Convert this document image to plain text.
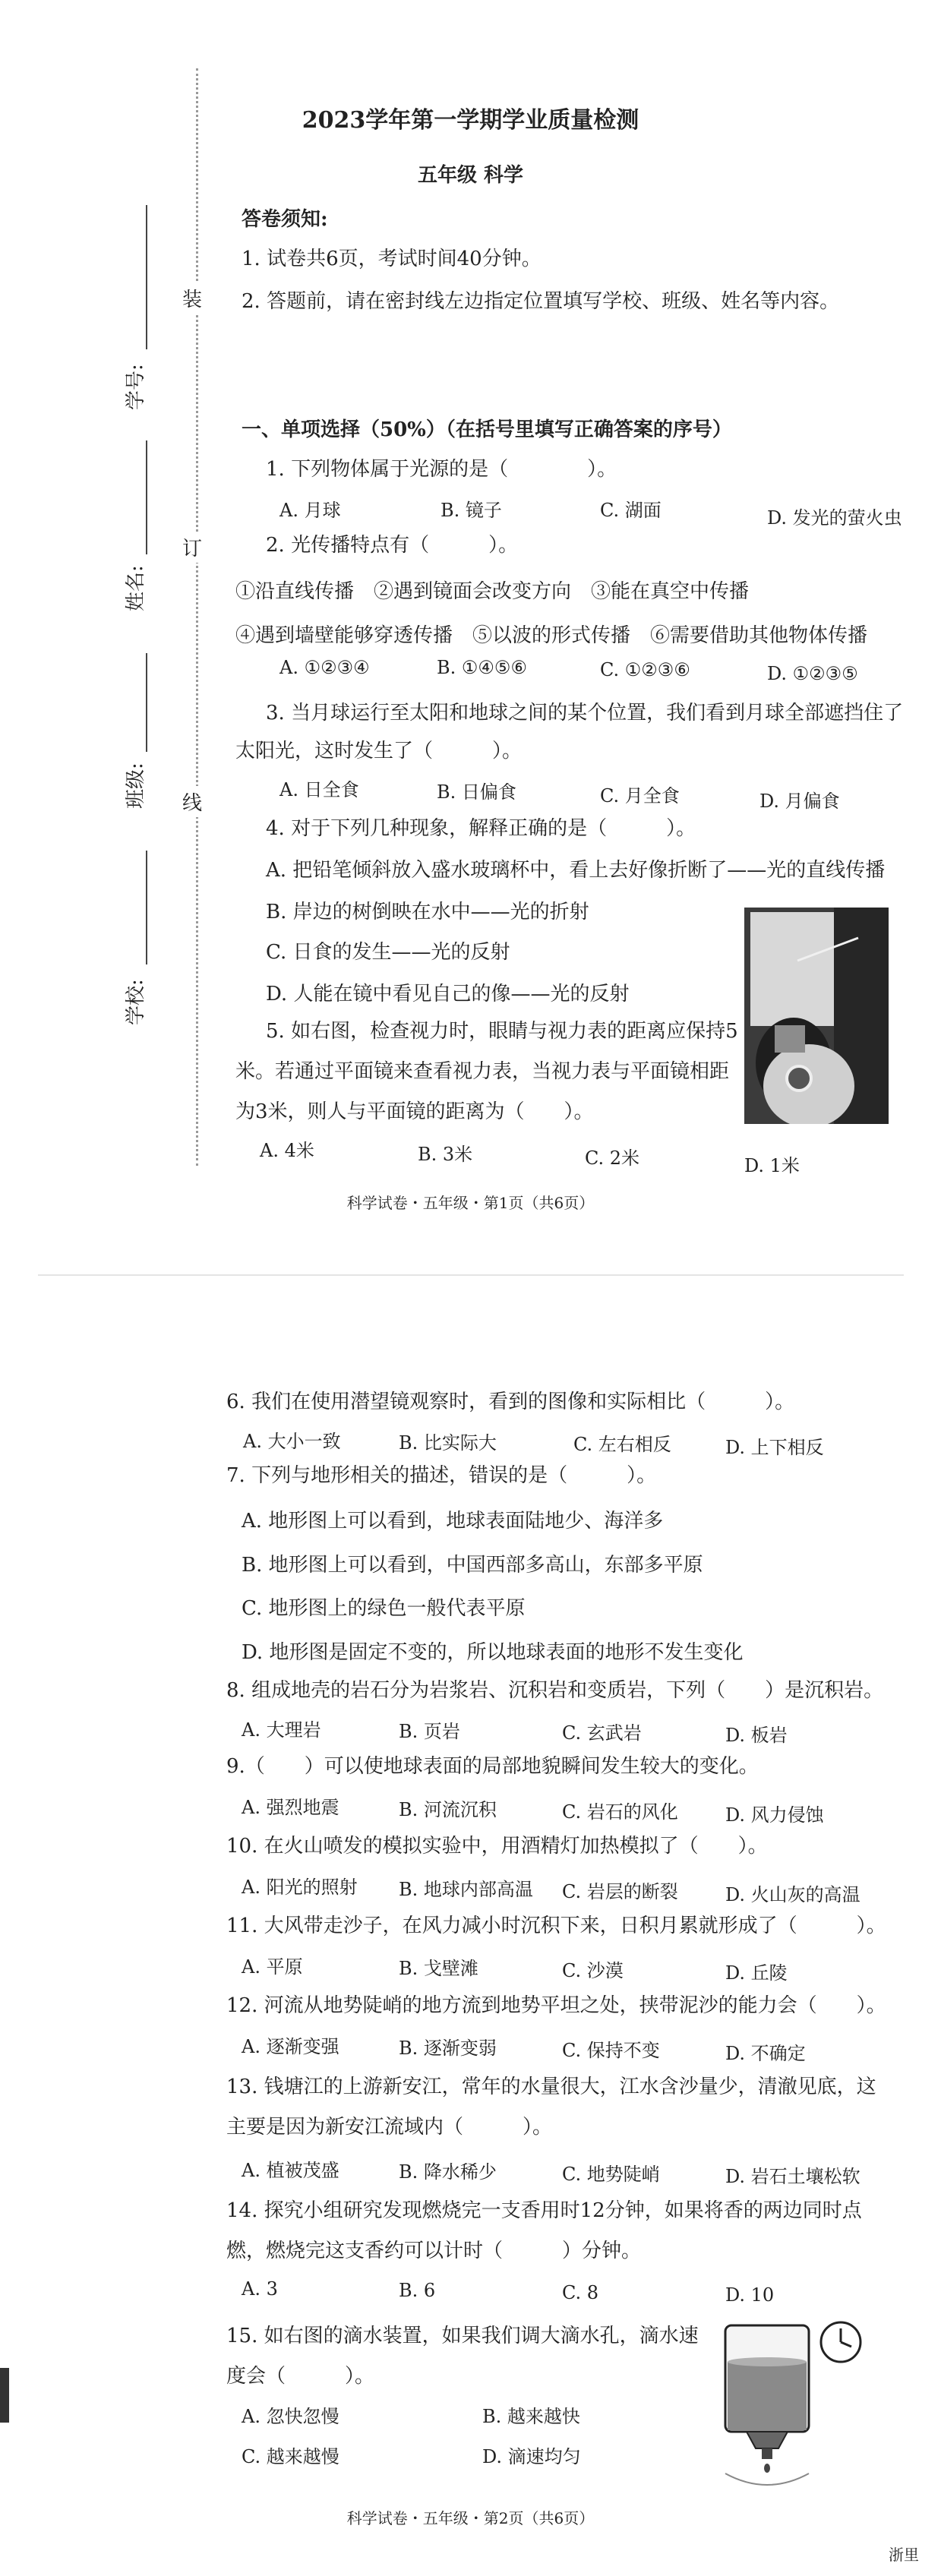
装
订
线
学号:
姓名:
班级:
学校:
2023学年第一学期学业质量检测
五年级 科学
答卷须知:
1. 试卷共6页，考试时间40分钟。
2. 答题前，请在密封线左边指定位置填写学校、班级、姓名等内容。
一、单项选择（50%）（在括号里填写正确答案的序号）
1. 下列物体属于光源的是（　　　　）。
A. 月球	B. 镜子	C. 湖面	D. 发光的萤火虫
2. 光传播特点有（　　　）。
①沿直线传播　②遇到镜面会改变方向　③能在真空中传播
④遇到墙壁能够穿透传播　⑤以波的形式传播　⑥需要借助其他物体传播
A. ①②③④	B. ①④⑤⑥	C. ①②③⑥	D. ①②③⑤
3. 当月球运行至太阳和地球之间的某个位置，我们看到月球全部遮挡住了
太阳光，这时发生了（　　　）。
A. 日全食	B. 日偏食	C. 月全食	D. 月偏食
4. 对于下列几种现象，解释正确的是（　　　）。
A. 把铅笔倾斜放入盛水玻璃杯中，看上去好像折断了——光的直线传播
B. 岸边的树倒映在水中——光的折射
C. 日食的发生——光的反射
D. 人能在镜中看见自己的像——光的反射
5. 如右图，检查视力时，眼睛与视力表的距离应保持5
米。若通过平面镜来查看视力表，当视力表与平面镜相距
为3米，则人与平面镜的距离为（　　）。
A. 4米	B. 3米	C. 2米	D. 1米
科学试卷・五年级・第1页（共6页）
6. 我们在使用潜望镜观察时，看到的图像和实际相比（　　　）。
A. 大小一致	B. 比实际大	C. 左右相反	D. 上下相反
7. 下列与地形相关的描述，错误的是（　　　）。
A. 地形图上可以看到，地球表面陆地少、海洋多
B. 地形图上可以看到，中国西部多高山，东部多平原
C. 地形图上的绿色一般代表平原
D. 地形图是固定不变的，所以地球表面的地形不发生变化
8. 组成地壳的岩石分为岩浆岩、沉积岩和变质岩，下列（　　）是沉积岩。
A. 大理岩	B. 页岩	C. 玄武岩	D. 板岩
9.（　　）可以使地球表面的局部地貌瞬间发生较大的变化。
A. 强烈地震	B. 河流沉积	C. 岩石的风化	D. 风力侵蚀
10. 在火山喷发的模拟实验中，用酒精灯加热模拟了（　　）。
A. 阳光的照射 B. 地球内部高温 C. 岩层的断裂	D. 火山灰的高温
11. 大风带走沙子，在风力减小时沉积下来，日积月累就形成了（　　　）。
A. 平原	B. 戈壁滩	C. 沙漠	D. 丘陵
12. 河流从地势陡峭的地方流到地势平坦之处，挟带泥沙的能力会（　　）。
A. 逐渐变强	B. 逐渐变弱	C. 保持不变	D. 不确定
13. 钱塘江的上游新安江，常年的水量很大，江水含沙量少，清澈见底，这
主要是因为新安江流域内（　　　）。
A. 植被茂盛	B. 降水稀少	C. 地势陡峭	D. 岩石土壤松软
14. 探究小组研究发现燃烧完一支香用时12分钟，如果将香的两边同时点
燃，燃烧完这支香约可以计时（　　　）分钟。
A. 3	B. 6	C. 8	D. 10
15. 如右图的滴水装置，如果我们调大滴水孔，滴水速
度会（　　　）。
A. 忽快忽慢	B. 越来越快
C. 越来越慢	D. 滴速均匀
科学试卷・五年级・第2页（共6页）
浙里
